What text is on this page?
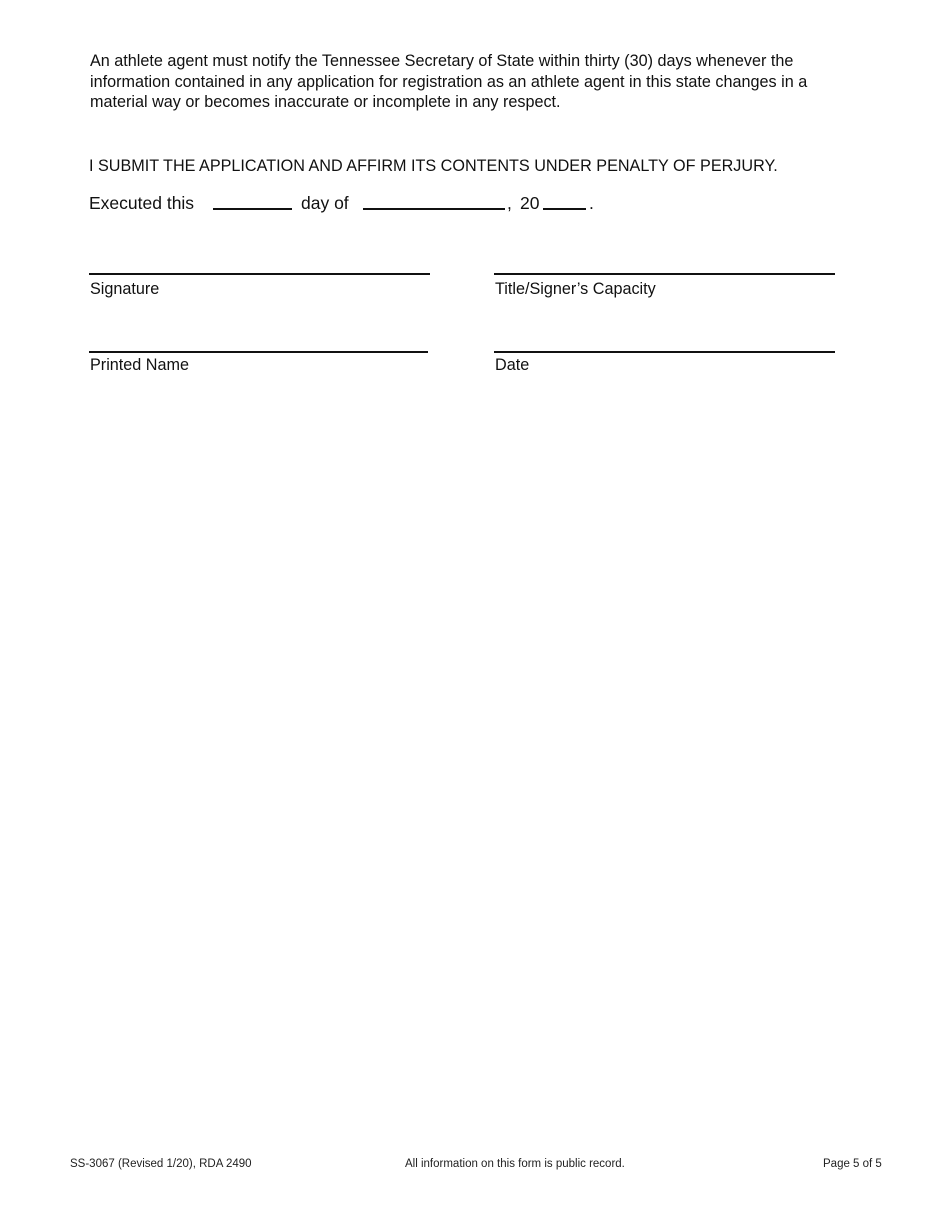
An athlete agent must notify the Tennessee Secretary of State within thirty (30) days whenever the information contained in any application for registration as an athlete agent in this state changes in a material way or becomes inaccurate or incomplete in any respect.
I SUBMIT THE APPLICATION AND AFFIRM ITS CONTENTS UNDER PENALTY OF PERJURY.
Executed this	day of	, 20	.
Signature	Title/Signer’s Capacity
Printed Name	Date
SS-3067 (Revised 1/20), RDA 2490	All information on this form is public record.	Page 5 of 5
